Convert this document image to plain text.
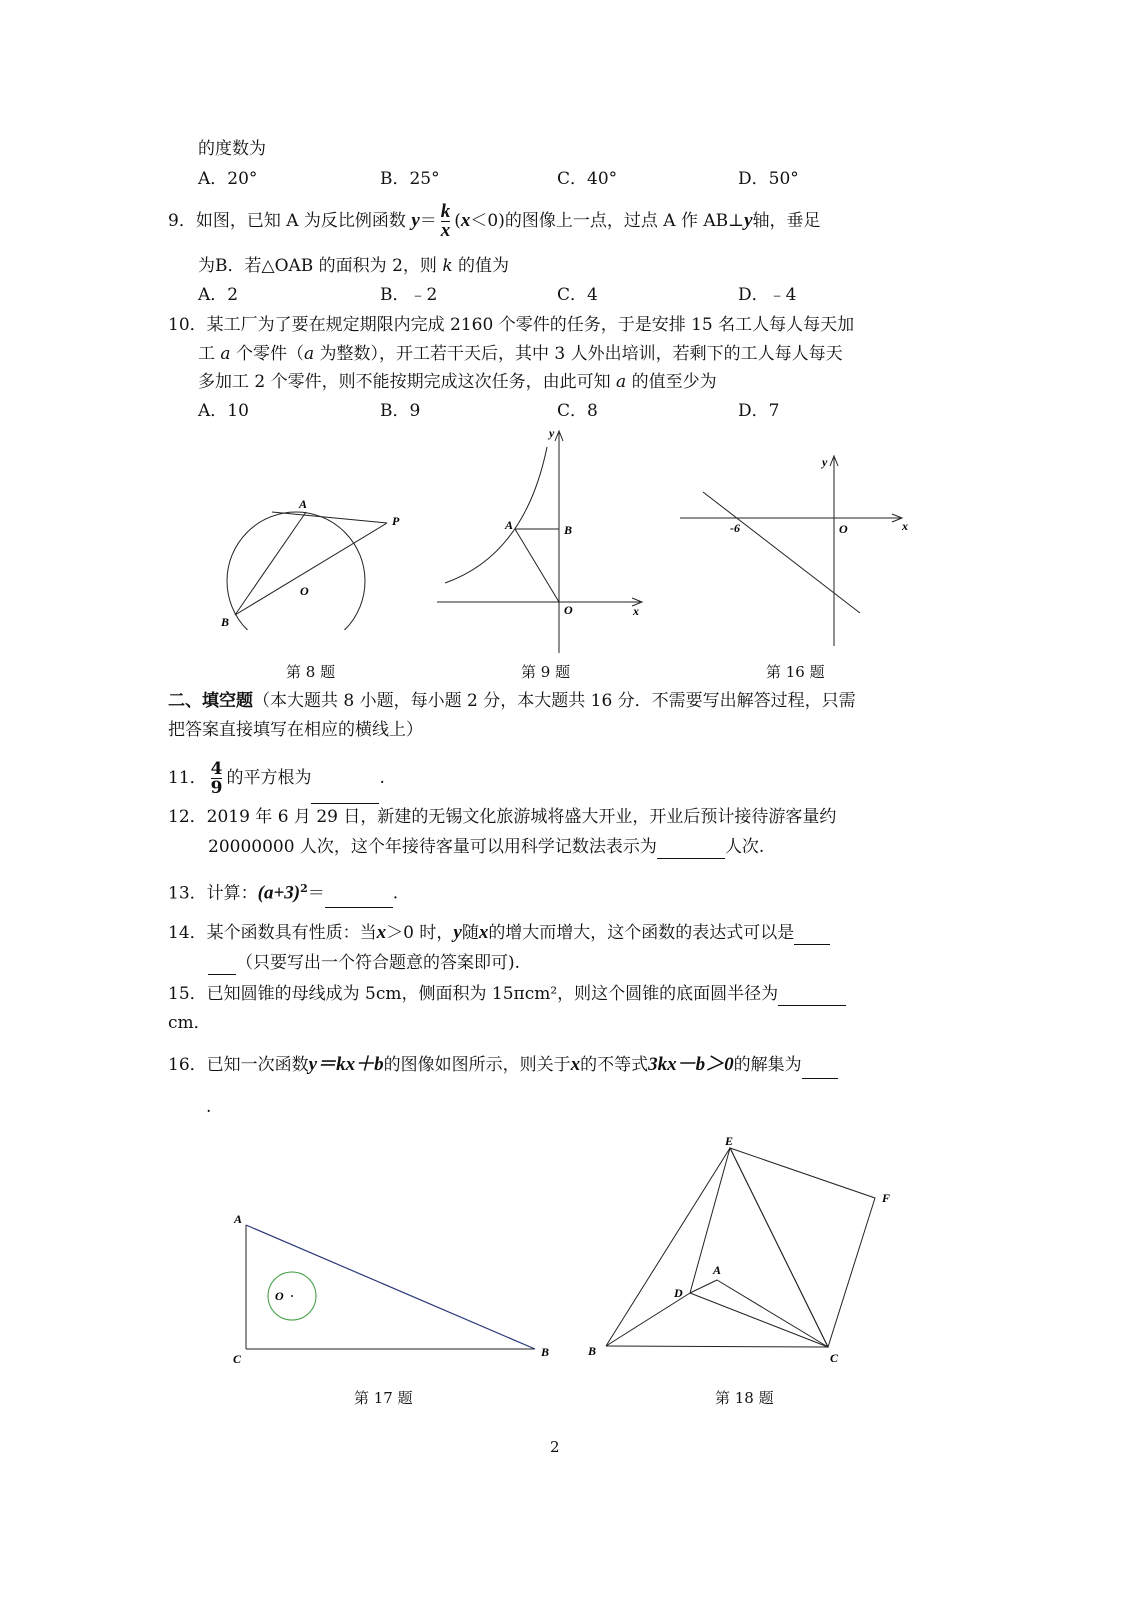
的度数为
A．20°	B．25°	C．40°	D．50°
9．如图，已知 A 为反比例函数 $y= \frac{k}{x} (x<0)$的图像上一点，过点 A 作 AB⊥y轴，垂足
为B．若△OAB 的面积为 2，则 k 的值为
A．2	B．﹣2	C．4	D．﹣4
10．某工厂为了要在规定期限内完成 2160 个零件的任务，于是安排 15 名工人每人每天加
工 a 个零件（a 为整数），开工若干天后，其中 3 人外出培训，若剩下的工人每人每天
多加工 2 个零件，则不能按期完成这次任务，由此可知 a 的值至少为
A．10	B．9	C．8	D．7
A
P
O
B
第 8 题
y
A	B
O	x
第 9 题
y
-6	O	x
第 16 题
二、填空题（本大题共 8 小题，每小题 2 分，本大题共 16 分．不需要写出解答过程，只需
把答案直接填写在相应的横线上）
11． $\frac{4}{9}$ 的平方根为	.
12．2019 年 6 月 29 日，新建的无锡文化旅游城将盛大开业，开业后预计接待游客量约
20000000 人次，这个年接待客量可以用科学记数法表示为	人次.
13．计算：$(a+3)^2=$	.
14．某个函数具有性质：当x＞0 时，y随x的增大而增大，这个函数的表达式可以是
（只要写出一个符合题意的答案即可).
15．已知圆锥的母线成为 5cm，侧面积为 15πcm²，则这个圆锥的底面圆半径为
cm．
16．已知一次函数y＝kx＋b的图像如图所示，则关于x的不等式3kx－b＞0的解集为
.
A
O
C	B
第 17 题
E
F
A
D
B	C
第 18 题
2
